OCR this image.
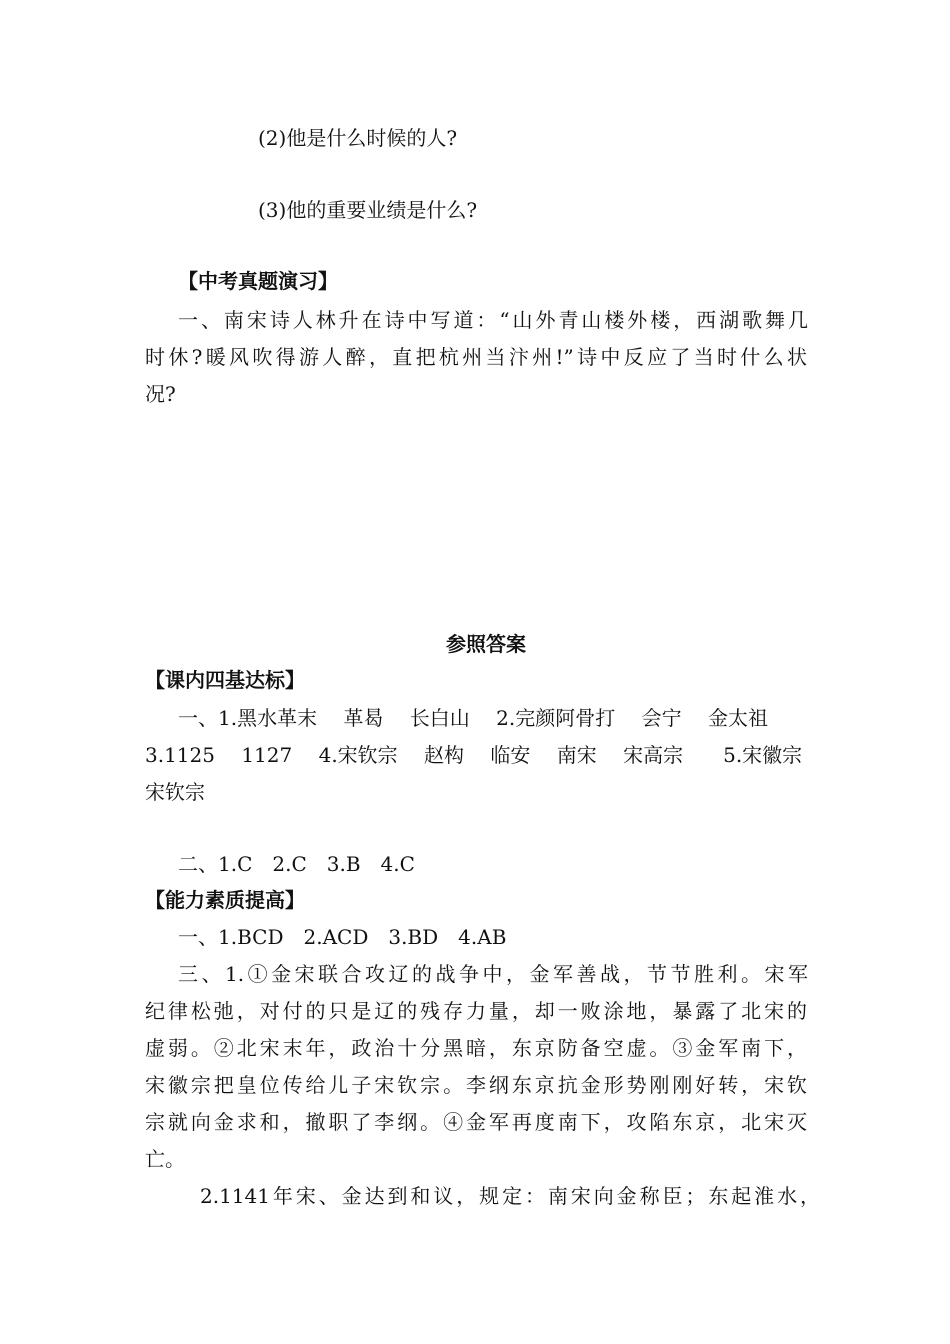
(2)他是什么时候的人?
(3)他的重要业绩是什么?
【中考真题演习】
一、南宋诗人林升在诗中写道：“山外青山楼外楼，西湖歌舞几
时休?暖风吹得游人醉，直把杭州当汴州!”诗中反应了当时什么状
况?
参照答案
【课内四基达标】
一、1.黑水革末　 革曷　 长白山　 2.完颜阿骨打　 会宁　 金太祖
3.1125　 1127　 4.宋钦宗　 赵构　 临安　 南宋　 宋高宗　　5.宋徽宗
宋钦宗
二、1.C　2.C　3.B　4.C
【能力素质提高】
一、1.BCD　2.ACD　3.BD　4.AB
三、1.①金宋联合攻辽的战争中，金军善战，节节胜利。宋军
纪律松弛，对付的只是辽的残存力量，却一败涂地，暴露了北宋的
虚弱。②北宋末年，政治十分黑暗，东京防备空虚。③金军南下，
宋徽宗把皇位传给儿子宋钦宗。李纲东京抗金形势刚刚好转，宋钦
宗就向金求和，撤职了李纲。④金军再度南下，攻陷东京，北宋灭
亡。
2.1141年宋、金达到和议，规定：南宋向金称臣；东起淮水，
